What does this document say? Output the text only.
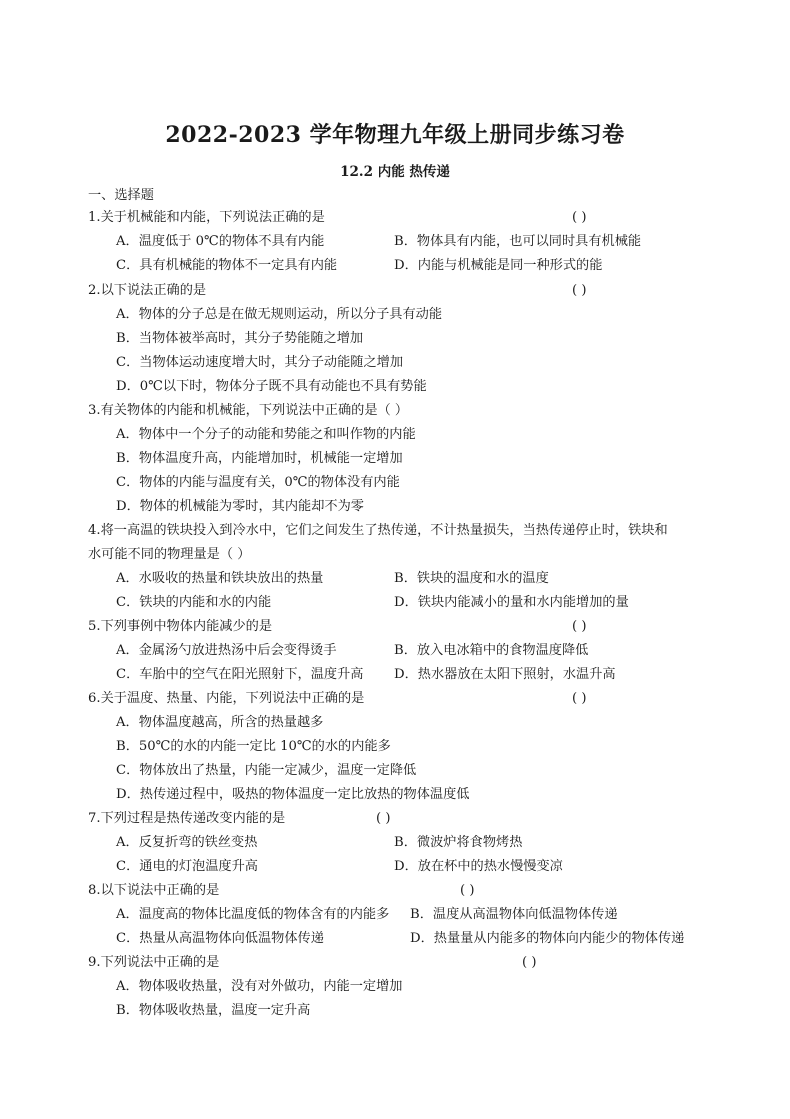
2022-2023 学年物理九年级上册同步练习卷
12.2 内能 热传递
一、选择题
1.关于机械能和内能，下列说法正确的是	( )
A．温度低于 0℃的物体不具有内能	B．物体具有内能，也可以同时具有机械能
C．具有机械能的物体不一定具有内能	D．内能与机械能是同一种形式的能
2.以下说法正确的是	( )
A．物体的分子总是在做无规则运动，所以分子具有动能
B．当物体被举高时，其分子势能随之增加
C．当物体运动速度增大时，其分子动能随之增加
D．0℃以下时，物体分子既不具有动能也不具有势能
3.有关物体的内能和机械能，下列说法中正确的是（ ）
A．物体中一个分子的动能和势能之和叫作物的内能
B．物体温度升高，内能增加时，机械能一定增加
C．物体的内能与温度有关，0℃的物体没有内能
D．物体的机械能为零时，其内能却不为零
4.将一高温的铁块投入到冷水中，它们之间发生了热传递，不计热量损失，当热传递停止时，铁块和
水可能不同的物理量是（ ）
A．水吸收的热量和铁块放出的热量	B．铁块的温度和水的温度
C．铁块的内能和水的内能	D．铁块内能减小的量和水内能增加的量
5.下列事例中物体内能减少的是	( )
A．金属汤勺放进热汤中后会变得烫手	B．放入电冰箱中的食物温度降低
C．车胎中的空气在阳光照射下，温度升高 D．热水器放在太阳下照射，水温升高
6.关于温度、热量、内能，下列说法中正确的是	( )
A．物体温度越高，所含的热量越多
B．50℃的水的内能一定比 10℃的水的内能多
C．物体放出了热量，内能一定减少，温度一定降低
D．热传递过程中，吸热的物体温度一定比放热的物体温度低
7.下列过程是热传递改变内能的是	( )
A．反复折弯的铁丝变热	B．微波炉将食物烤热
C．通电的灯泡温度升高	D．放在杯中的热水慢慢变凉
8.以下说法中正确的是	( )
A．温度高的物体比温度低的物体含有的内能多 B．温度从高温物体向低温物体传递
C．热量从高温物体向低温物体传递	D．热量量从内能多的物体向内能少的物体传递
9.下列说法中正确的是	( )
A．物体吸收热量，没有对外做功，内能一定增加
B．物体吸收热量，温度一定升高
